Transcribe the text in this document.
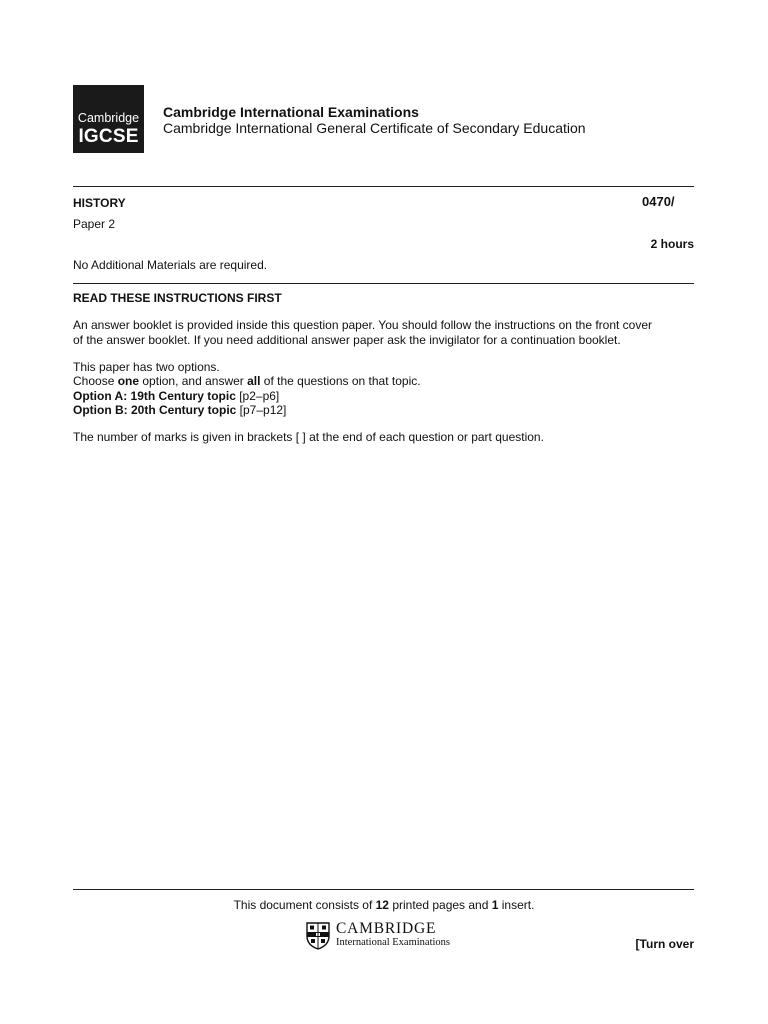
Cambridge
IGCSE
Cambridge International Examinations
Cambridge International General Certificate of Secondary Education
HISTORY	0470/
Paper 2
2 hours
No Additional Materials are required.
READ THESE INSTRUCTIONS FIRST
An answer booklet is provided inside this question paper. You should follow the instructions on the front cover
of the answer booklet. If you need additional answer paper ask the invigilator for a continuation booklet.
This paper has two options.
Choose one option, and answer all of the questions on that topic.
Option A: 19th Century topic [p2–p6]
Option B: 20th Century topic [p7–p12]
The number of marks is given in brackets [ ] at the end of each question or part question.
This document consists of 12 printed pages and 1 insert.
CAMBRIDGE
International Examinations	[Turn over
